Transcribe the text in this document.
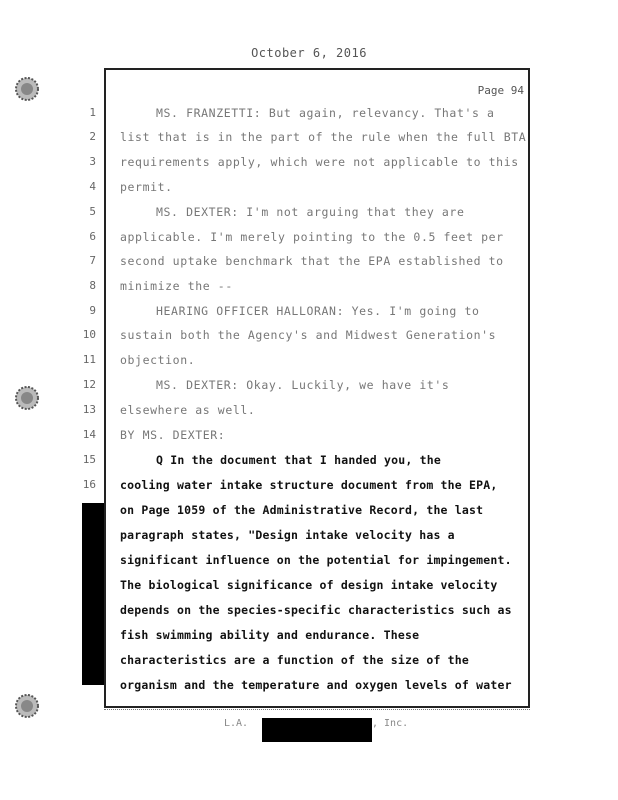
October 6, 2016
Page 94
1	MS. FRANZETTI: But again, relevancy. That's a
2 list that is in the part of the rule when the full BTA
3 requirements apply, which were not applicable to this
4 permit.
5	MS. DEXTER: I'm not arguing that they are
6 applicable. I'm merely pointing to the 0.5 feet per
7 second uptake benchmark that the EPA established to
8 minimize the --
9	HEARING OFFICER HALLORAN: Yes. I'm going to
10 sustain both the Agency's and Midwest Generation's
11 objection.
12	MS. DEXTER: Okay. Luckily, we have it's
13 elsewhere as well.
14 BY MS. DEXTER:
15	Q In the document that I handed you, the
16 cooling water intake structure document from the EPA,
on Page 1059 of the Administrative Record, the last
paragraph states, "Design intake velocity has a
significant influence on the potential for impingement.
The biological significance of design intake velocity
depends on the species-specific characteristics such as
fish swimming ability and endurance. These
characteristics are a function of the size of the
organism and the temperature and oxygen levels of water
L.A.	, Inc.
